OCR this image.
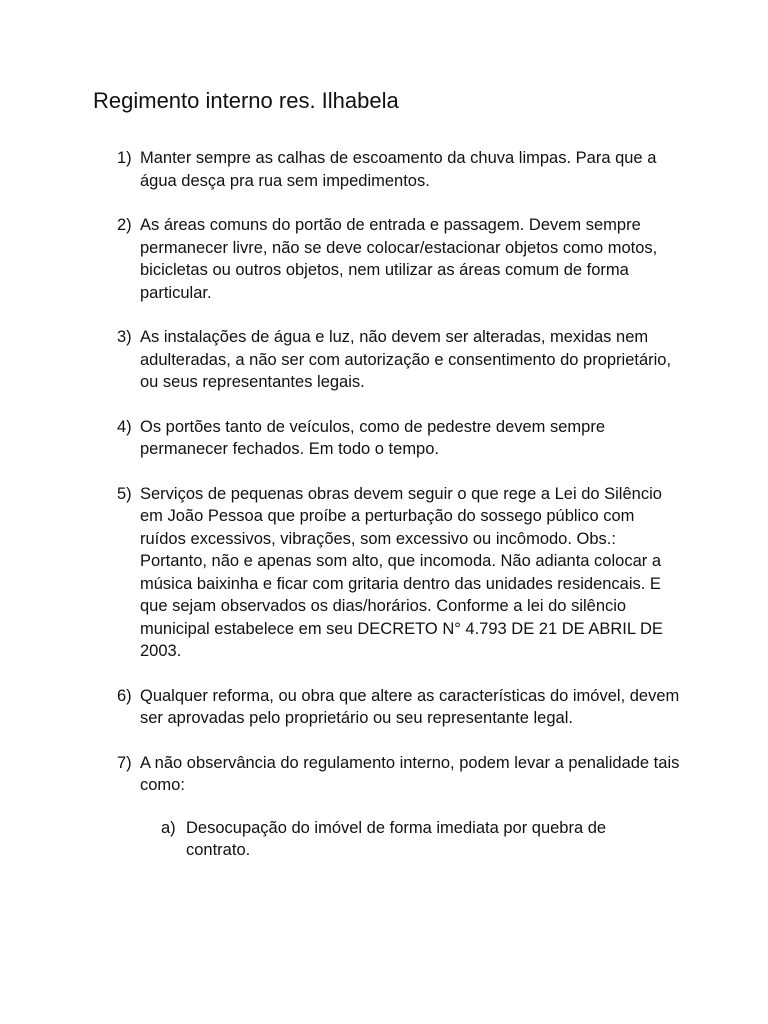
Regimento interno res. Ilhabela
1) Manter sempre as calhas de escoamento da chuva limpas. Para que a água desça pra rua sem impedimentos.
2) As áreas comuns do portão de entrada e passagem. Devem sempre permanecer livre, não se deve colocar/estacionar objetos como motos, bicicletas ou outros objetos, nem utilizar as áreas comum de forma particular.
3) As instalações de água e luz, não devem ser alteradas, mexidas nem adulteradas, a não ser com autorização e consentimento do proprietário, ou seus representantes legais.
4) Os portões tanto de veículos, como de pedestre devem sempre permanecer fechados. Em todo o tempo.
5) Serviços de pequenas obras devem seguir o que rege a Lei do Silêncio em João Pessoa que proíbe a perturbação do sossego público com ruídos excessivos, vibrações, som excessivo ou incômodo. Obs.: Portanto, não e apenas som alto, que incomoda. Não adianta colocar a música baixinha e ficar com gritaria dentro das unidades residencais. E que sejam observados os dias/horários. Conforme a lei do silêncio municipal estabelece em seu DECRETO N° 4.793 DE 21 DE ABRIL DE 2003.
6) Qualquer reforma, ou obra que altere as características do imóvel, devem ser aprovadas pelo proprietário ou seu representante legal.
7) A não observância do regulamento interno, podem levar a penalidade tais como:
a) Desocupação do imóvel de forma imediata por quebra de contrato.
